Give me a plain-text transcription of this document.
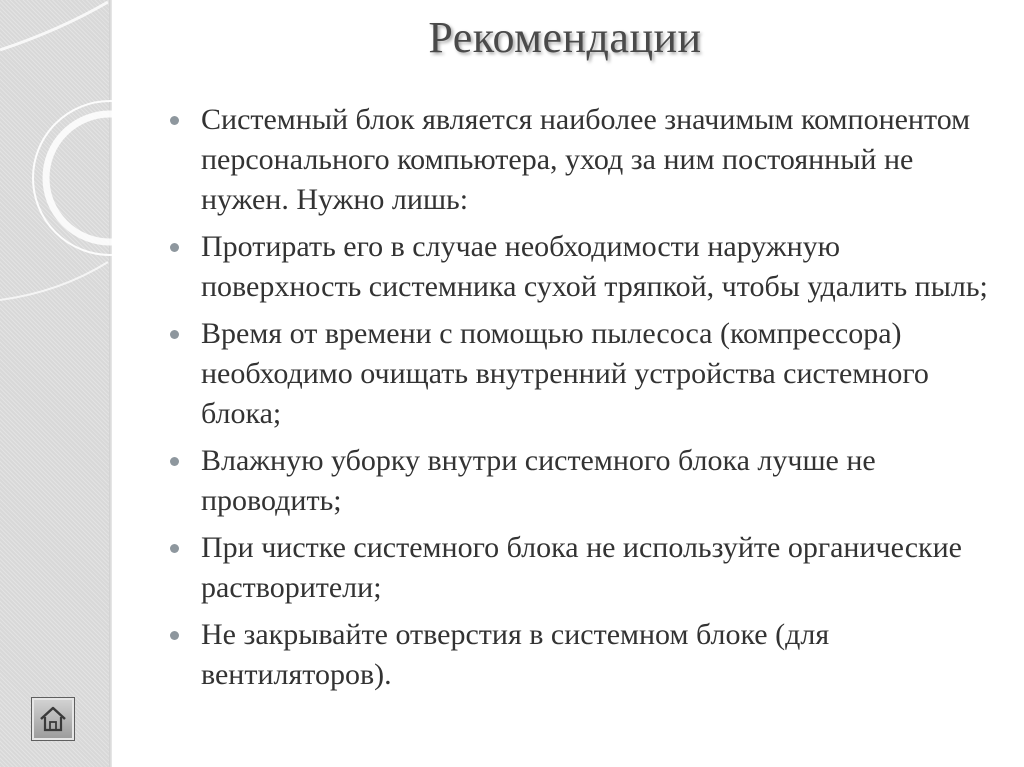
Рекомендации
Системный блок является наиболее значимым компонентом персонального компьютера, уход за ним постоянный не нужен. Нужно лишь:
Протирать его в случае необходимости наружную поверхность системника сухой тряпкой, чтобы удалить пыль;
Время от времени с помощью пылесоса (компрессора) необходимо очищать внутренний устройства системного блока;
Влажную уборку внутри системного блока лучше не проводить;
При чистке системного блока не используйте органические растворители;
Не закрывайте отверстия в системном блоке (для вентиляторов).
